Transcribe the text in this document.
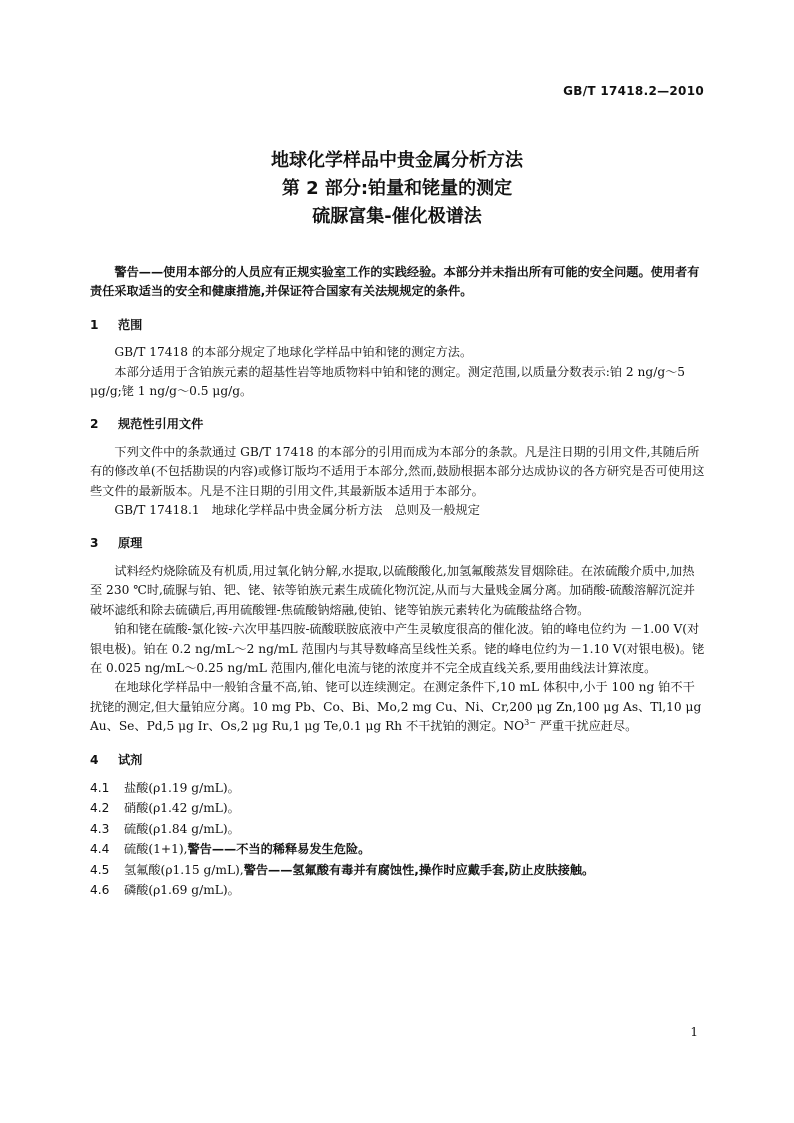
GB/T 17418.2—2010
地球化学样品中贵金属分析方法
第 2 部分:铂量和铑量的测定
硫脲富集-催化极谱法

警告——使用本部分的人员应有正规实验室工作的实践经验。本部分并未指出所有可能的安全问题。使用者有责任采取适当的安全和健康措施,并保证符合国家有关法规规定的条件。

1 范围

GB/T 17418 的本部分规定了地球化学样品中铂和铑的测定方法。

本部分适用于含铂族元素的超基性岩等地质物料中铂和铑的测定。测定范围,以质量分数表示:铂 2 ng/g～5 μg/g;铑 1 ng/g～0.5 μg/g。

2 规范性引用文件

下列文件中的条款通过 GB/T 17418 的本部分的引用而成为本部分的条款。凡是注日期的引用文件,其随后所有的修改单(不包括勘误的内容)或修订版均不适用于本部分,然而,鼓励根据本部分达成协议的各方研究是否可使用这些文件的最新版本。凡是不注日期的引用文件,其最新版本适用于本部分。

GB/T 17418.1　地球化学样品中贵金属分析方法　总则及一般规定

3 原理

试料经灼烧除硫及有机质,用过氧化钠分解,水提取,以硫酸酸化,加氢氟酸蒸发冒烟除硅。在浓硫酸介质中,加热至 230 ℃时,硫脲与铂、钯、铑、铱等铂族元素生成硫化物沉淀,从而与大量贱金属分离。加硝酸-硫酸溶解沉淀并破坏滤纸和除去硫磺后,再用硫酸锂-焦硫酸钠熔融,使铂、铑等铂族元素转化为硫酸盐络合物。

铂和铑在硫酸-氯化铵-六次甲基四胺-硫酸联胺底液中产生灵敏度很高的催化波。铂的峰电位约为 －1.00 V(对银电极)。铂在 0.2 ng/mL～2 ng/mL 范围内与其导数峰高呈线性关系。铑的峰电位约为－1.10 V(对银电极)。铑在 0.025 ng/mL～0.25 ng/mL 范围内,催化电流与铑的浓度并不完全成直线关系,要用曲线法计算浓度。

在地球化学样品中一般铂含量不高,铂、铑可以连续测定。在测定条件下,10 mL 体积中,小于 100 ng 铂不干扰铑的测定,但大量铂应分离。10 mg Pb、Co、Bi、Mo,2 mg Cu、Ni、Cr,200 μg Zn,100 μg As、Tl,10 μg Au、Se、Pd,5 μg Ir、Os,2 μg Ru,1 μg Te,0.1 μg Rh 不干扰铂的测定。$NO^{3-}$ 严重干扰应赶尽。

4 试剂

4.1 盐酸(ρ1.19 g/mL)。

4.2 硝酸(ρ1.42 g/mL)。

4.3 硫酸(ρ1.84 g/mL)。

4.4 硫酸(1+1),警告——不当的稀释易发生危险。

4.5 氢氟酸(ρ1.15 g/mL),警告——氢氟酸有毒并有腐蚀性,操作时应戴手套,防止皮肤接触。

4.6 磷酸(ρ1.69 g/mL)。

1
